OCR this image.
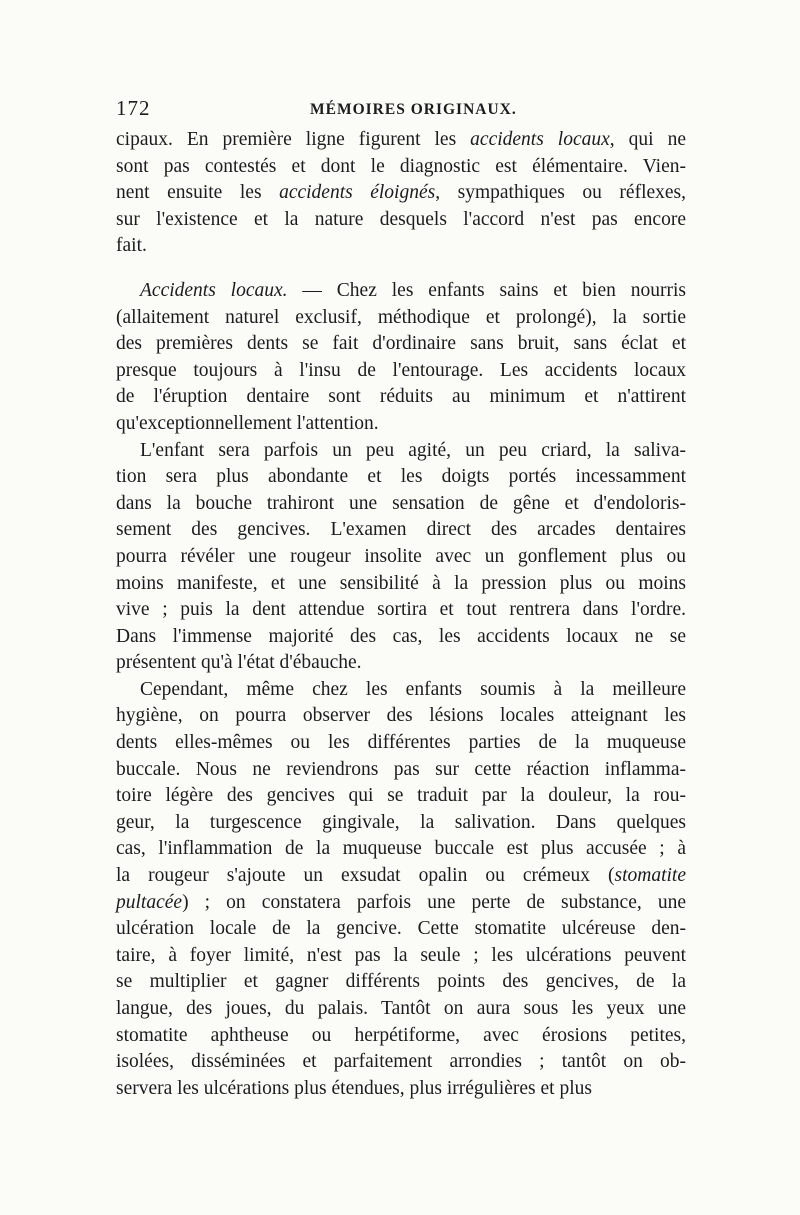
172	MÉMOIRES ORIGINAUX.
cipaux. En première ligne figurent les accidents locaux, qui ne
sont pas contestés et dont le diagnostic est élémentaire. Vien-
nent ensuite les accidents éloignés, sympathiques ou réflexes,
sur l'existence et la nature desquels l'accord n'est pas encore
fait.
Accidents locaux. — Chez les enfants sains et bien nourris
(allaitement naturel exclusif, méthodique et prolongé), la sortie
des premières dents se fait d'ordinaire sans bruit, sans éclat et
presque toujours à l'insu de l'entourage. Les accidents locaux
de l'éruption dentaire sont réduits au minimum et n'attirent
qu'exceptionnellement l'attention.
L'enfant sera parfois un peu agité, un peu criard, la saliva-
tion sera plus abondante et les doigts portés incessamment
dans la bouche trahiront une sensation de gêne et d'endoloris-
sement des gencives. L'examen direct des arcades dentaires
pourra révéler une rougeur insolite avec un gonflement plus ou
moins manifeste, et une sensibilité à la pression plus ou moins
vive ; puis la dent attendue sortira et tout rentrera dans l'ordre.
Dans l'immense majorité des cas, les accidents locaux ne se
présentent qu'à l'état d'ébauche.
Cependant, même chez les enfants soumis à la meilleure
hygiène, on pourra observer des lésions locales atteignant les
dents elles-mêmes ou les différentes parties de la muqueuse
buccale. Nous ne reviendrons pas sur cette réaction inflamma-
toire légère des gencives qui se traduit par la douleur, la rou-
geur, la turgescence gingivale, la salivation. Dans quelques
cas, l'inflammation de la muqueuse buccale est plus accusée ; à
la rougeur s'ajoute un exsudat opalin ou crémeux (stomatite
pultacée) ; on constatera parfois une perte de substance, une
ulcération locale de la gencive. Cette stomatite ulcéreuse den-
taire, à foyer limité, n'est pas la seule ; les ulcérations peuvent
se multiplier et gagner différents points des gencives, de la
langue, des joues, du palais. Tantôt on aura sous les yeux une
stomatite aphtheuse ou herpétiforme, avec érosions petites,
isolées, disséminées et parfaitement arrondies ; tantôt on ob-
servera les ulcérations plus étendues, plus irrégulières et plus
